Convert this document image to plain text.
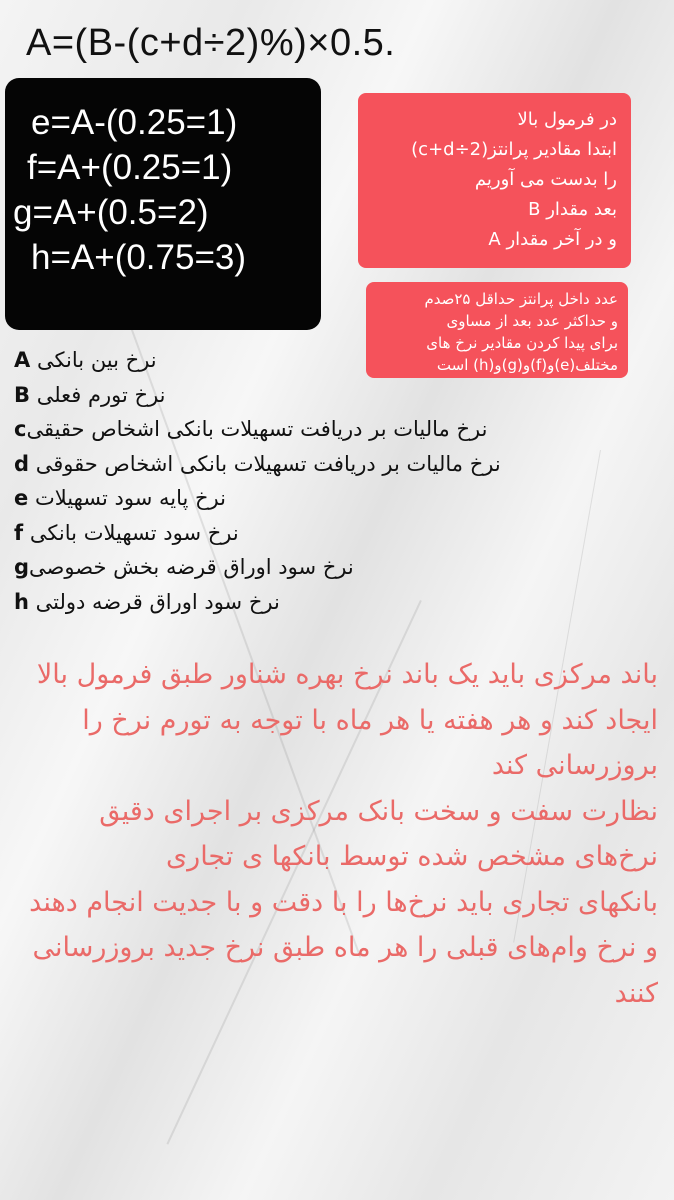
A=(B-(c+d÷2)%)×0.5.
e=A-(0.25=1)
f=A+(0.25=1)
g=A+(0.5=2)
h=A+(0.75=3)
در فرمول بالا
ابتدا مقادیر پرانتز(c+d÷2)
را بدست می آوریم
بعد مقدار B
و در آخر مقدار A
عدد داخل پرانتز حداقل ۲۵صدم
و حداکثر عدد بعد از مساوی
برای پیدا کردن مقادیر نرخ های
مختلف(e)و(f)و(g)و(h) است
نرخ بین بانکی A
نرخ تورم فعلی B
نرخ مالیات بر دریافت تسهیلات بانکی اشخاص حقیقیc
نرخ مالیات بر دریافت تسهیلات بانکی اشخاص حقوقی d
نرخ پایه سود تسهیلات e
نرخ سود تسهیلات بانکی f
نرخ سود اوراق قرضه بخش خصوصیg
نرخ سود اوراق قرضه دولتی h
باند مرکزی باید یک باند نرخ بهره شناور طبق فرمول بالا ایجاد کند و هر هفته یا هر ماه با توجه به تورم نرخ را بروزرسانی کند
نظارت سفت و سخت بانک مرکزی بر اجرای دقیق نرخ‌های مشخص شده توسط بانکها ی تجاری
بانکهای تجاری باید نرخ‌ها را با دقت و با جدیت انجام دهند و نرخ وام‌های قبلی را هر ماه طبق نرخ جدید بروزرسانی کنند
